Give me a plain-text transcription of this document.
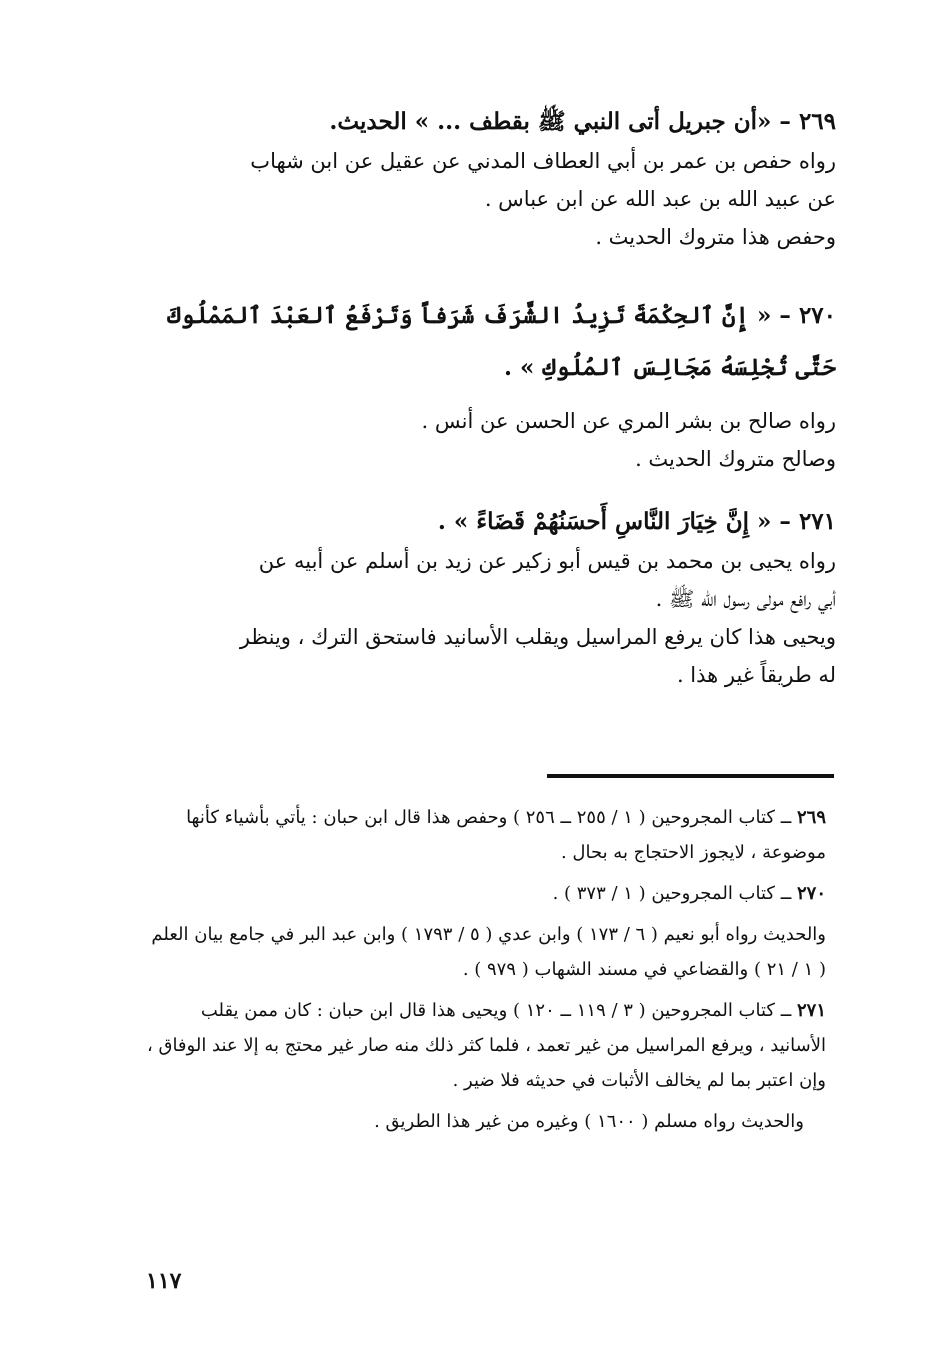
٢٦٩ – «أن جبريل أتى النبي ﷺ بقطف ... » الحديث.

رواه حفص بن عمر بن أبي العطاف المدني عن عقيل عن ابن شهاب

عن عبيد الله بن عبد الله عن ابن عباس .

وحفص هذا متروك الحديث .

٢٧٠ – « إِنَّ ٱلحِكْمَةَ تَزِيدُ الشَّرَفَ شَرَفاً وَتَرْفَعُ ٱلعَبْدَ ٱلمَمْلُوكَ حَتَّى تُجْلِسَهُ مَجَالِسَ ٱلمُلُوكِ » .

رواه صالح بن بشر المري عن الحسن عن أنس .

وصالح متروك الحديث .

٢٧١ – « إِنَّ خِيَارَ النَّاسِ أَحسَنُهُمْ قَضَاءً » .

رواه يحيى بن محمد بن قيس أبو زكير عن زيد بن أسلم عن أبيه عن

أبي رافع مولى رسول الله ﷺ .

ويحيى هذا كان يرفع المراسيل ويقلب الأسانيد فاستحق الترك ، وينظر

له طريقاً غير هذا .

٢٦٩ ــ كتاب المجروحين ( ١ / ٢٥٥ ــ ٢٥٦ ) وحفص هذا قال ابن حبان : يأتي بأشياء كأنها موضوعة ، لايجوز الاحتجاج به بحال .

٢٧٠ ــ كتاب المجروحين ( ١ / ٣٧٣ ) .

والحديث رواه أبو نعيم ( ٦ / ١٧٣ ) وابن عدي ( ٥ / ١٧٩٣ ) وابن عبد البر في جامع بيان العلم ( ١ / ٢١ ) والقضاعي في مسند الشهاب ( ٩٧٩ ) .

٢٧١ ــ كتاب المجروحين ( ٣ / ١١٩ ــ ١٢٠ ) ويحيى هذا قال ابن حبان : كان ممن يقلب الأسانيد ، ويرفع المراسيل من غير تعمد ، فلما كثر ذلك منه صار غير محتج به إلا عند الوفاق ، وإن اعتبر بما لم يخالف الأثبات في حديثه فلا ضير .

والحديث رواه مسلم ( ١٦٠٠ ) وغيره من غير هذا الطريق .

١١٧
